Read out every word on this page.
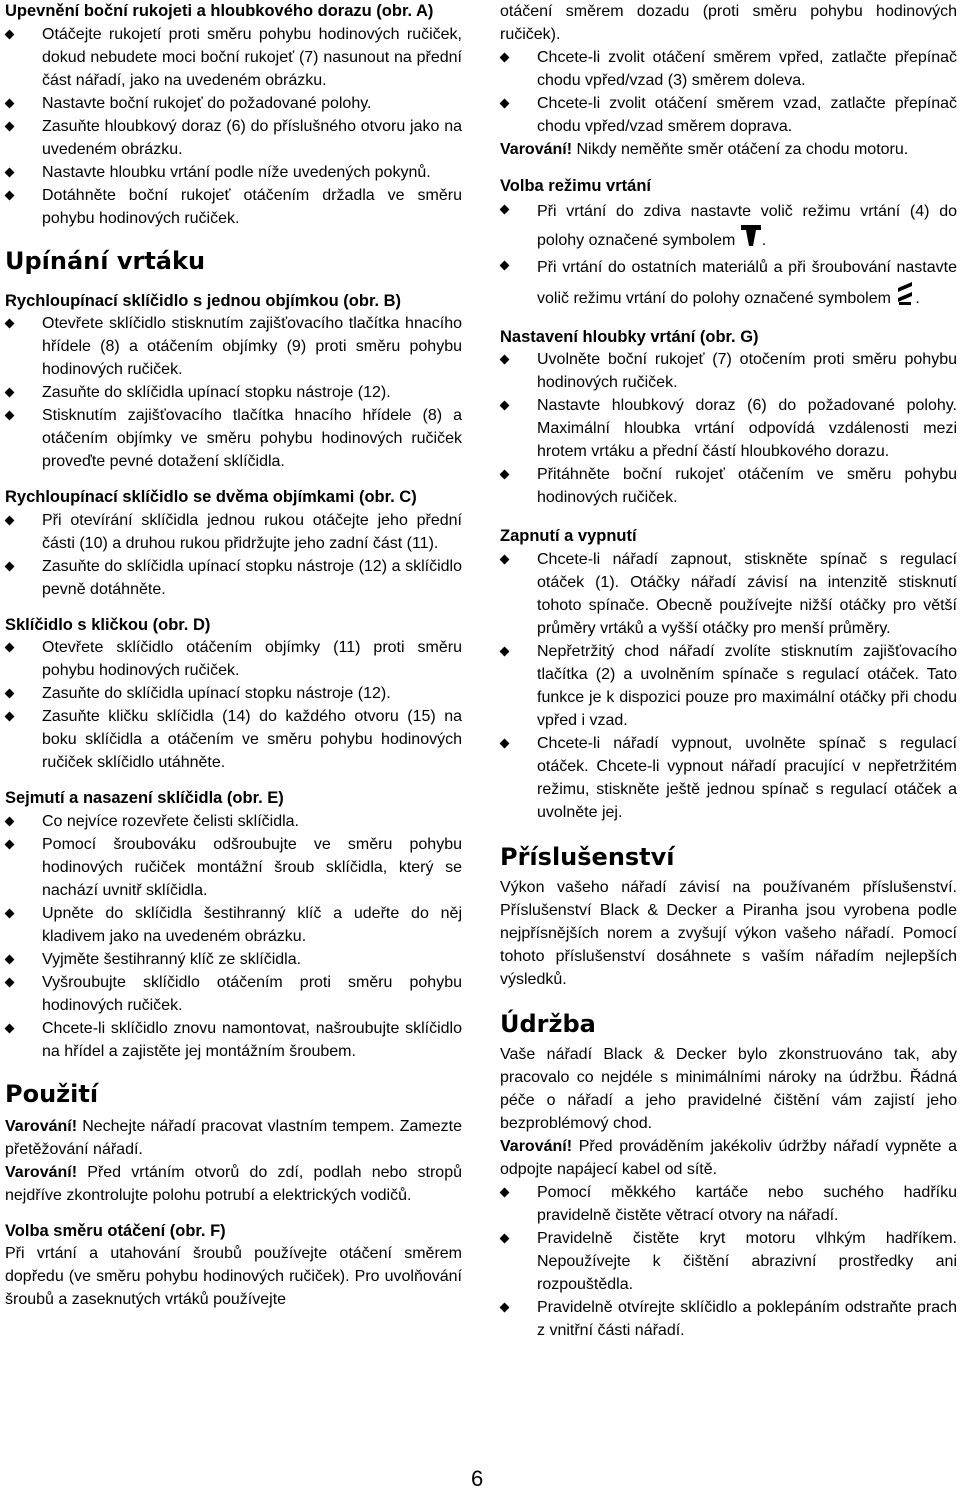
Upevnění boční rukojeti a hloubkového dorazu (obr. A)
Otáčejte rukojetí proti směru pohybu hodinových ručiček, dokud nebudete moci boční rukojeť (7) nasunout na přední část nářadí, jako na uvedeném obrázku.
Nastavte boční rukojeť do požadované polohy.
Zasuňte hloubkový doraz (6) do příslušného otvoru jako na uvedeném obrázku.
Nastavte hloubku vrtání podle níže uvedených pokynů.
Dotáhněte boční rukojeť otáčením držadla ve směru pohybu hodinových ručiček.
Upínání vrtáku
Rychloupínací sklíčidlo s jednou objímkou (obr. B)
Otevřete sklíčidlo stisknutím zajišťovacího tlačítka hnacího hřídele (8) a otáčením objímky (9) proti směru pohybu hodinových ručiček.
Zasuňte do sklíčidla upínací stopku nástroje (12).
Stisknutím zajišťovacího tlačítka hnacího hřídele (8) a otáčením objímky ve směru pohybu hodinových ručiček proveďte pevné dotažení sklíčidla.
Rychloupínací sklíčidlo se dvěma objímkami (obr. C)
Při otevírání sklíčidla jednou rukou otáčejte jeho přední části (10) a druhou rukou přidržujte jeho zadní část (11).
Zasuňte do sklíčidla upínací stopku nástroje (12) a sklíčidlo pevně dotáhněte.
Sklíčidlo s kličkou (obr. D)
Otevřete sklíčidlo otáčením objímky (11) proti směru pohybu hodinových ručiček.
Zasuňte do sklíčidla upínací stopku nástroje (12).
Zasuňte kličku sklíčidla (14) do každého otvoru (15) na boku sklíčidla a otáčením ve směru pohybu hodinových ručiček sklíčidlo utáhněte.
Sejmutí a nasazení sklíčidla (obr. E)
Co nejvíce rozevřete čelisti sklíčidla.
Pomocí šroubováku odšroubujte ve směru pohybu hodinových ručiček montážní šroub sklíčidla, který se nachází uvnitř sklíčidla.
Upněte do sklíčidla šestihranný klíč a udeřte do něj kladivem jako na uvedeném obrázku.
Vyjměte šestihranný klíč ze sklíčidla.
Vyšroubujte sklíčidlo otáčením proti směru pohybu hodinových ručiček.
Chcete-li sklíčidlo znovu namontovat, našroubujte sklíčidlo na hřídel a zajistěte jej montážním šroubem.
Použití

Varování! Nechejte nářadí pracovat vlastním tempem. Zamezte přetěžování nářadí.

Varování! Před vrtáním otvorů do zdí, podlah nebo stropů nejdříve zkontrolujte polohu potrubí a elektrických vodičů.

Volba směru otáčení (obr. F)

Při vrtání a utahování šroubů používejte otáčení směrem dopředu (ve směru pohybu hodinových ručiček). Pro uvolňování šroubů a zaseknutých vrtáků používejte

otáčení směrem dozadu (proti směru pohybu hodinových ručiček).

Chcete-li zvolit otáčení směrem vpřed, zatlačte přepínač chodu vpřed/vzad (3) směrem doleva.
Chcete-li zvolit otáčení směrem vzad, zatlačte přepínač chodu vpřed/vzad směrem doprava.

Varování! Nikdy neměňte směr otáčení za chodu motoru.

Volba režimu vrtání
Při vrtání do zdiva nastavte volič režimu vrtání (4) do polohy označené symbolem .
Při vrtání do ostatních materiálů a při šroubování nastavte volič režimu vrtání do polohy označené symbolem .
Nastavení hloubky vrtání (obr. G)
Uvolněte boční rukojeť (7) otočením proti směru pohybu hodinových ručiček.
Nastavte hloubkový doraz (6) do požadované polohy. Maximální hloubka vrtání odpovídá vzdálenosti mezi hrotem vrtáku a přední částí hloubkového dorazu.
Přitáhněte boční rukojeť otáčením ve směru pohybu hodinových ručiček.
Zapnutí a vypnutí
Chcete-li nářadí zapnout, stiskněte spínač s regulací otáček (1). Otáčky nářadí závisí na intenzitě stisknutí tohoto spínače. Obecně používejte nižší otáčky pro větší průměry vrtáků a vyšší otáčky pro menší průměry.
Nepřetržitý chod nářadí zvolíte stisknutím zajišťovacího tlačítka (2) a uvolněním spínače s regulací otáček. Tato funkce je k dispozici pouze pro maximální otáčky při chodu vpřed i vzad.
Chcete-li nářadí vypnout, uvolněte spínač s regulací otáček. Chcete-li vypnout nářadí pracující v nepřetržitém režimu, stiskněte ještě jednou spínač s regulací otáček a uvolněte jej.
Příslušenství

Výkon vašeho nářadí závisí na používaném příslušenství. Příslušenství Black & Decker a Piranha jsou vyrobena podle nejpřísnějších norem a zvyšují výkon vašeho nářadí. Pomocí tohoto příslušenství dosáhnete s vaším nářadím nejlepších výsledků.

Údržba

Vaše nářadí Black & Decker bylo zkonstruováno tak, aby pracovalo co nejdéle s minimálními nároky na údržbu. Řádná péče o nářadí a jeho pravidelné čištění vám zajistí jeho bezproblémový chod.

Varování! Před prováděním jakékoliv údržby nářadí vypněte a odpojte napájecí kabel od sítě.

Pomocí měkkého kartáče nebo suchého hadříku pravidelně čistěte větrací otvory na nářadí.
Pravidelně čistěte kryt motoru vlhkým hadříkem. Nepoužívejte k čištění abrazivní prostředky ani rozpouštědla.
Pravidelně otvírejte sklíčidlo a poklepáním odstraňte prach z vnitřní části nářadí.
6
